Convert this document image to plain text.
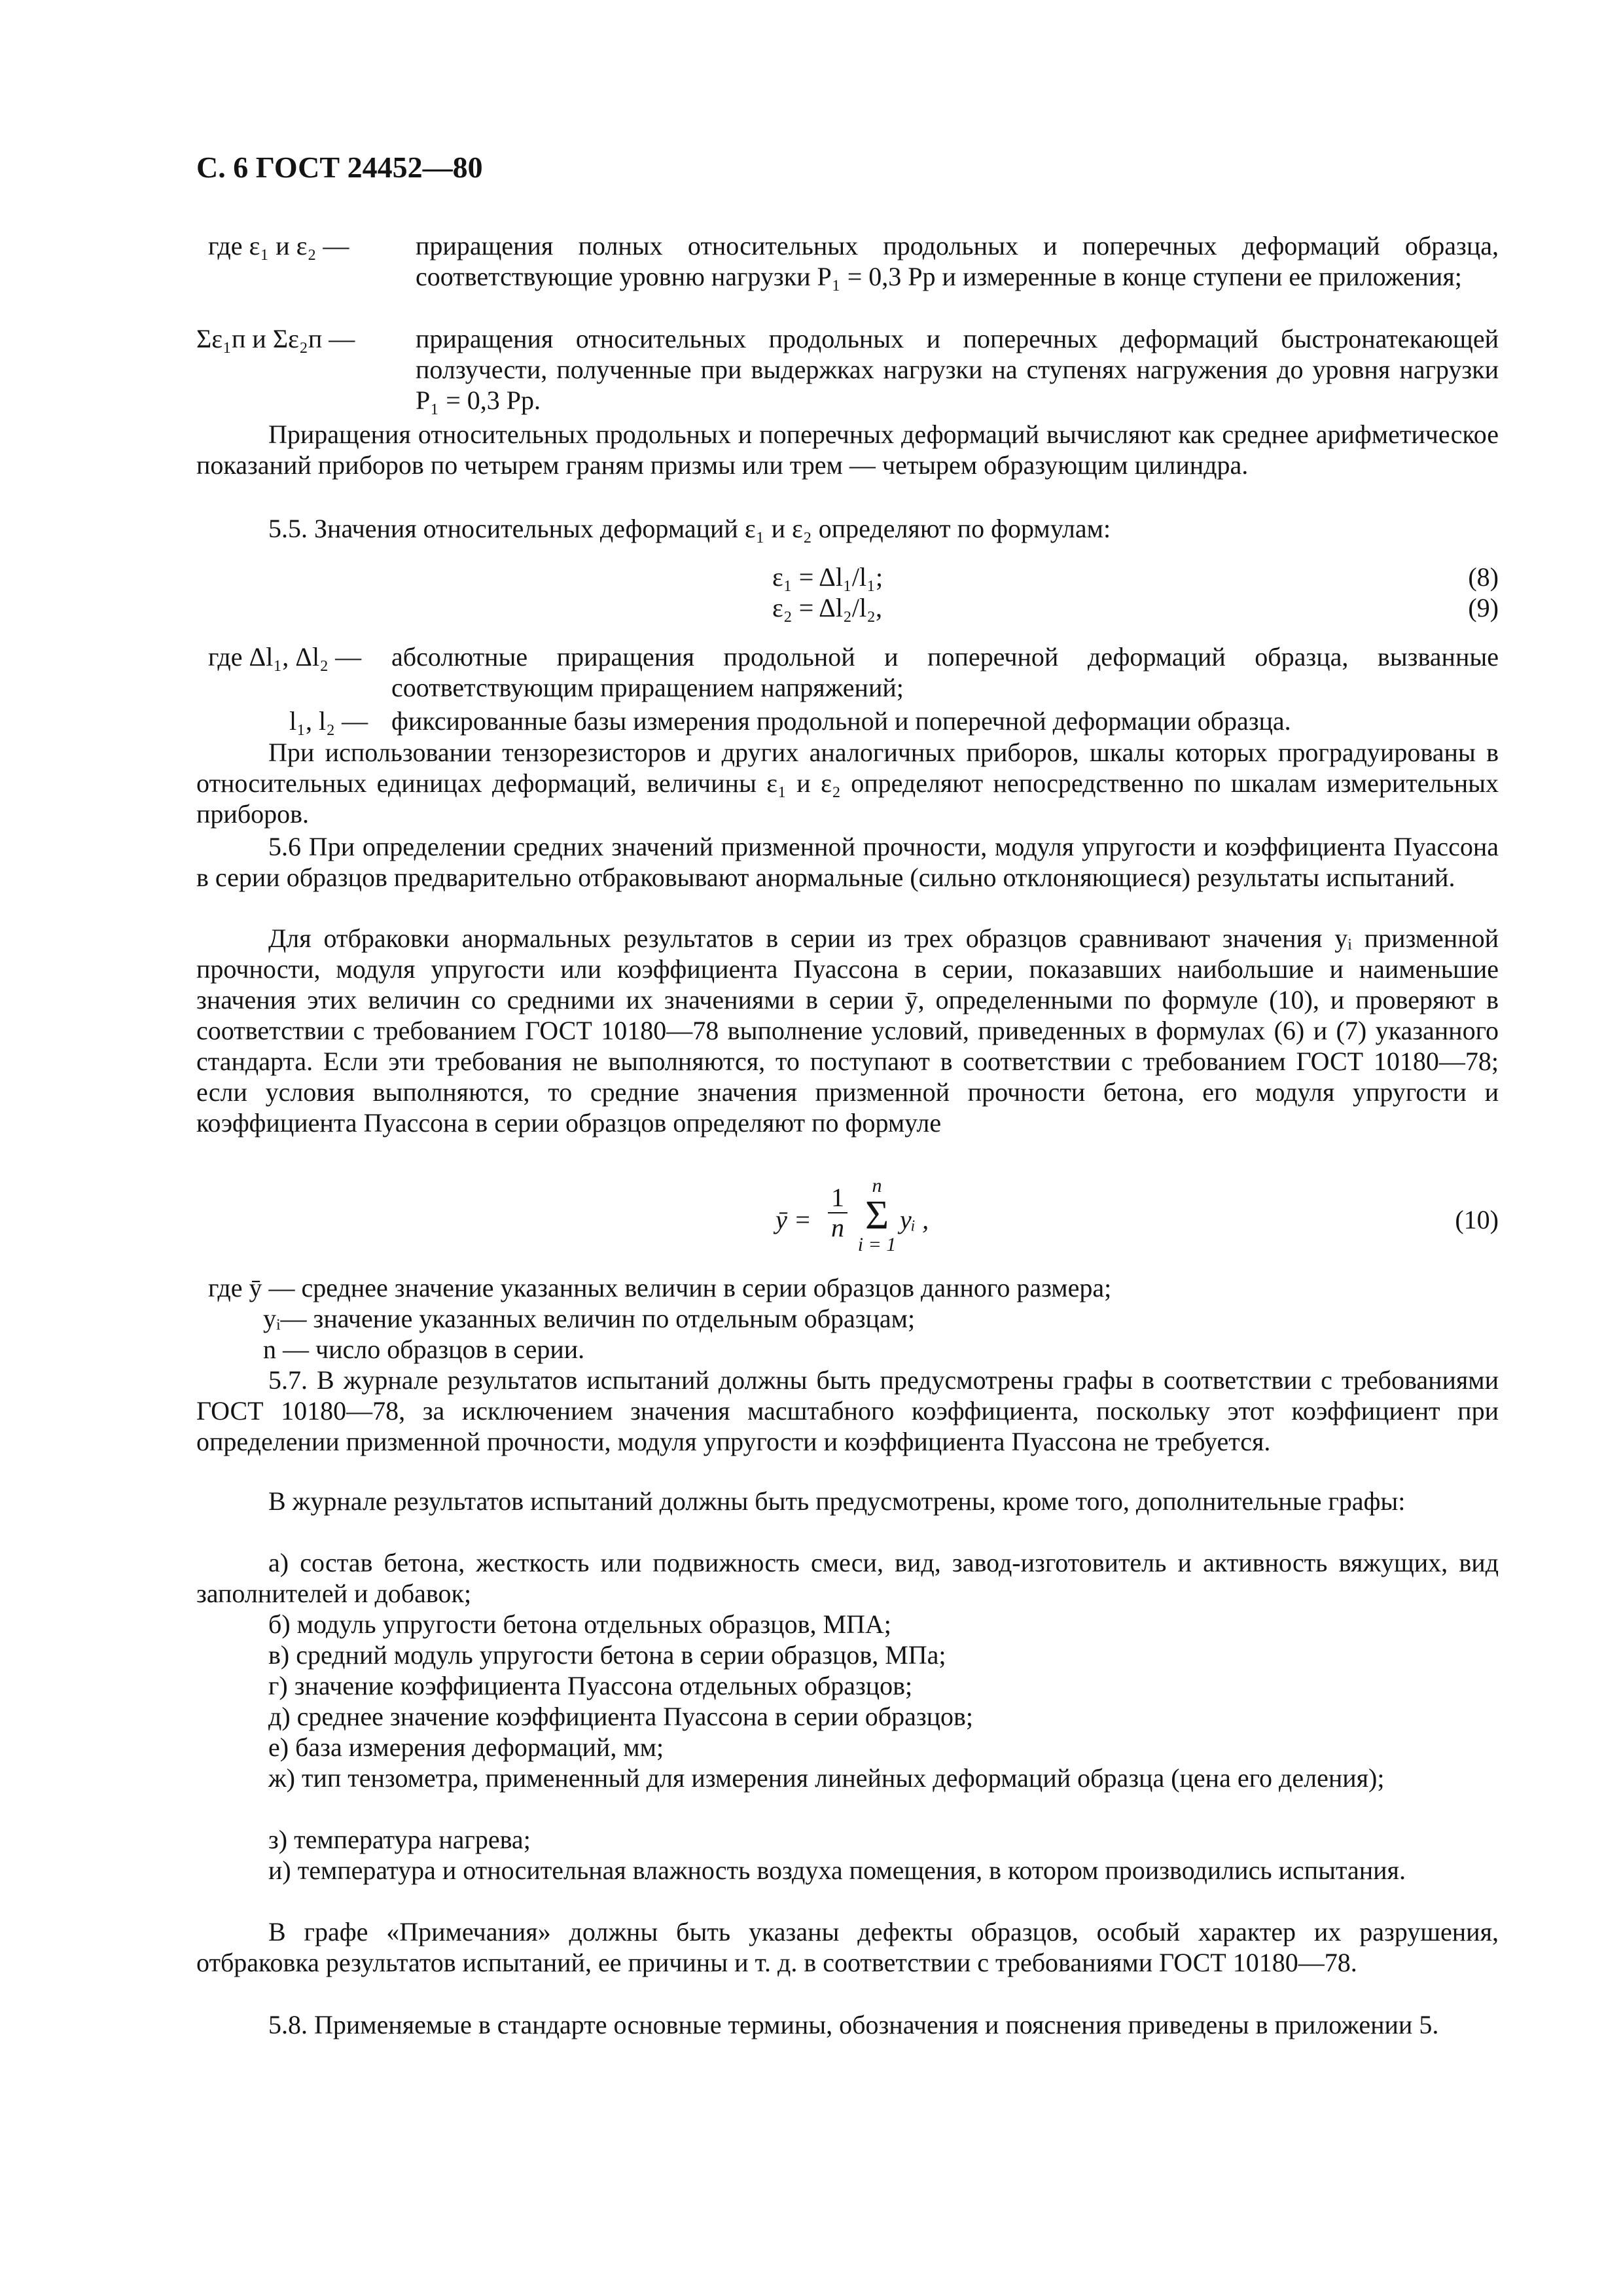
С. 6 ГОСТ 24452—80
где ε₁ и ε₂ —	приращения полных относительных продольных и поперечных деформаций образца, соответствующие уровню нагрузки P₁ = 0,3 Pр и измеренные в конце ступени ее приложения;
Σε₁п и Σε₂п — приращения относительных продольных и поперечных деформаций быстронатекающей ползучести, полученные при выдержках нагрузки на ступенях нагружения до уровня нагрузки P₁ = 0,3 Pр.
Приращения относительных продольных и поперечных деформаций вычисляют как среднее арифметическое показаний приборов по четырем граням призмы или трем — четырем образующим цилиндра.
5.5. Значения относительных деформаций ε₁ и ε₂ определяют по формулам:
ε₁ = Δl₁/l₁;	(8)
ε₂ = Δl₂/l₂,	(9)
где Δl₁, Δl₂ — абсолютные приращения продольной и поперечной деформаций образца, вызванные соответствующим приращением напряжений;
l₁, l₂ — фиксированные базы измерения продольной и поперечной деформации образца.
При использовании тензорезисторов и других аналогичных приборов, шкалы которых проградуированы в относительных единицах деформаций, величины ε₁ и ε₂ определяют непосредственно по шкалам измерительных приборов.
5.6 При определении средних значений призменной прочности, модуля упругости и коэффициента Пуассона в серии образцов предварительно отбраковывают анормальные (сильно отклоняющиеся) результаты испытаний.
Для отбраковки анормальных результатов в серии из трех образцов сравнивают значения yᵢ призменной прочности, модуля упругости или коэффициента Пуассона в серии, показавших наибольшие и наименьшие значения этих величин со средними их значениями в серии ȳ, определенными по формуле (10), и проверяют в соответствии с требованием ГОСТ 10180—78 выполнение условий, приведенных в формулах (6) и (7) указанного стандарта. Если эти требования не выполняются, то поступают в соответствии с требованием ГОСТ 10180—78; если условия выполняются, то средние значения призменной прочности бетона, его модуля упругости и коэффициента Пуассона в серии образцов определяют по формуле
ȳ =
1
n
n
Σ
i = 1
yᵢ ,	(10)
где ȳ — среднее значение указанных величин в серии образцов данного размера;
yᵢ— значение указанных величин по отдельным образцам;
n — число образцов в серии.
5.7. В журнале результатов испытаний должны быть предусмотрены графы в соответствии с требованиями ГОСТ 10180—78, за исключением значения масштабного коэффициента, поскольку этот коэффициент при определении призменной прочности, модуля упругости и коэффициента Пуассона не требуется.
В журнале результатов испытаний должны быть предусмотрены, кроме того, дополнительные графы:
а) состав бетона, жесткость или подвижность смеси, вид, завод-изготовитель и активность вяжущих, вид заполнителей и добавок;
б) модуль упругости бетона отдельных образцов, МПА;
в) средний модуль упругости бетона в серии образцов, МПа;
г) значение коэффициента Пуассона отдельных образцов;
д) среднее значение коэффициента Пуассона в серии образцов;
е) база измерения деформаций, мм;
ж) тип тензометра, примененный для измерения линейных деформаций образца (цена его деления);
з) температура нагрева;
и) температура и относительная влажность воздуха помещения, в котором производились испытания.
В графе «Примечания» должны быть указаны дефекты образцов, особый характер их разрушения, отбраковка результатов испытаний, ее причины и т. д. в соответствии с требованиями ГОСТ 10180—78.
5.8. Применяемые в стандарте основные термины, обозначения и пояснения приведены в приложении 5.
